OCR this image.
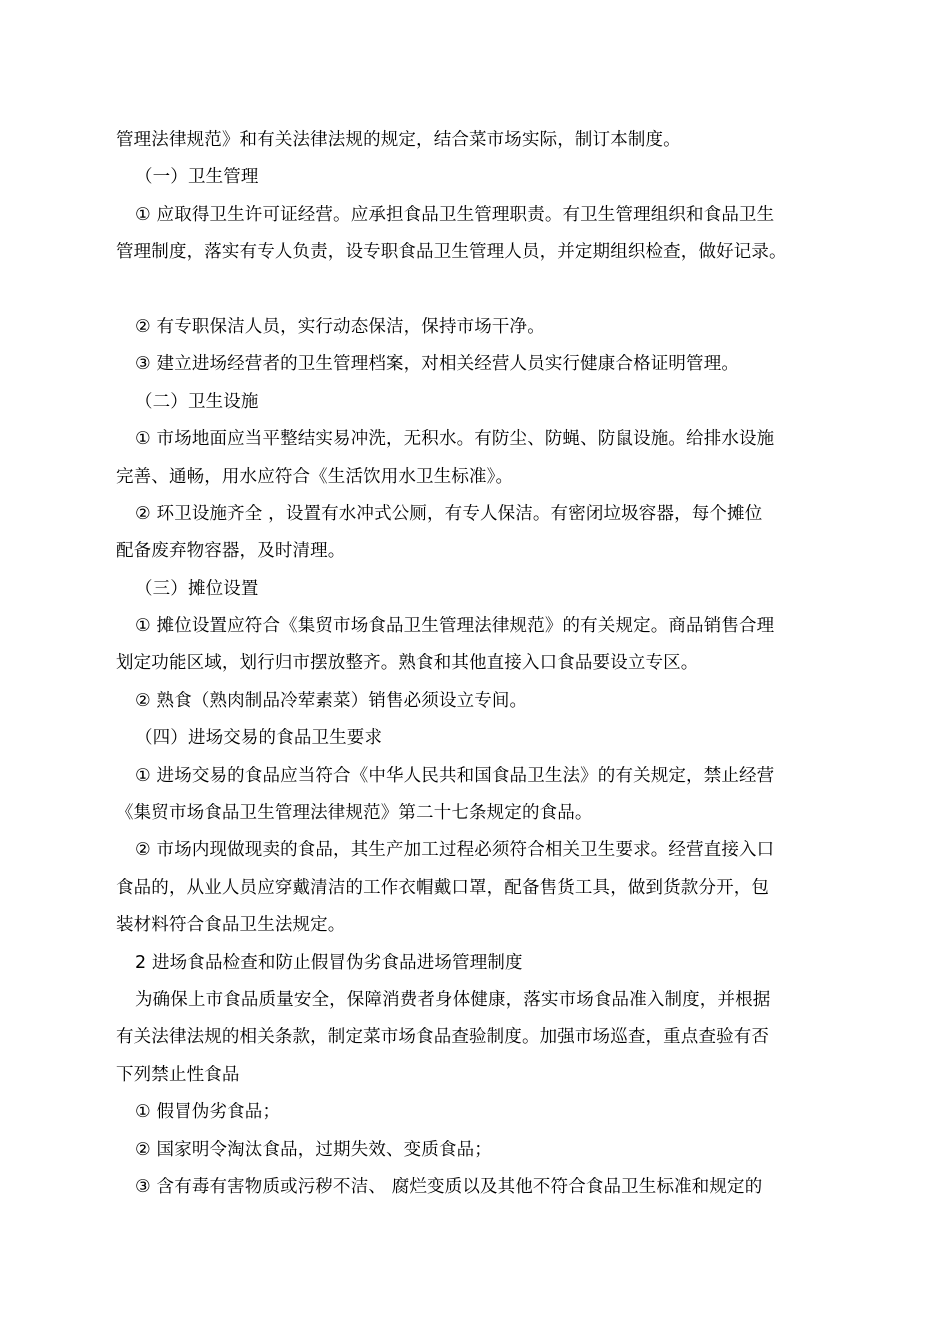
管理法律规范》和有关法律法规的规定，结合菜市场实际，制订本制度。
（一）卫生管理
① 应取得卫生许可证经营。应承担食品卫生管理职责。有卫生管理组织和食品卫生
管理制度，落实有专人负责，设专职食品卫生管理人员，并定期组织检查，做好记录。
② 有专职保洁人员，实行动态保洁，保持市场干净。
③ 建立进场经营者的卫生管理档案，对相关经营人员实行健康合格证明管理。
（二）卫生设施
① 市场地面应当平整结实易冲洗，无积水。有防尘、防蝇、防鼠设施。给排水设施
完善、通畅，用水应符合《生活饮用水卫生标准》。
② 环卫设施齐全 ，设置有水冲式公厕，有专人保洁。有密闭垃圾容器，每个摊位
配备废弃物容器，及时清理。
（三）摊位设置
① 摊位设置应符合《集贸市场食品卫生管理法律规范》的有关规定。商品销售合理
划定功能区域，划行归市摆放整齐。熟食和其他直接入口食品要设立专区。
② 熟食（熟肉制品冷荤素菜）销售必须设立专间。
（四）进场交易的食品卫生要求
① 进场交易的食品应当符合《中华人民共和国食品卫生法》的有关规定，禁止经营
《集贸市场食品卫生管理法律规范》第二十七条规定的食品。
② 市场内现做现卖的食品，其生产加工过程必须符合相关卫生要求。经营直接入口
食品的，从业人员应穿戴清洁的工作衣帽戴口罩，配备售货工具，做到货款分开，包
装材料符合食品卫生法规定。
2 进场食品检查和防止假冒伪劣食品进场管理制度
为确保上市食品质量安全，保障消费者身体健康，落实市场食品准入制度，并根据
有关法律法规的相关条款，制定菜市场食品查验制度。加强市场巡查，重点查验有否
下列禁止性食品
① 假冒伪劣食品；
② 国家明令淘汰食品，过期失效、变质食品；
③ 含有毒有害物质或污秽不洁、 腐烂变质以及其他不符合食品卫生标准和规定的
